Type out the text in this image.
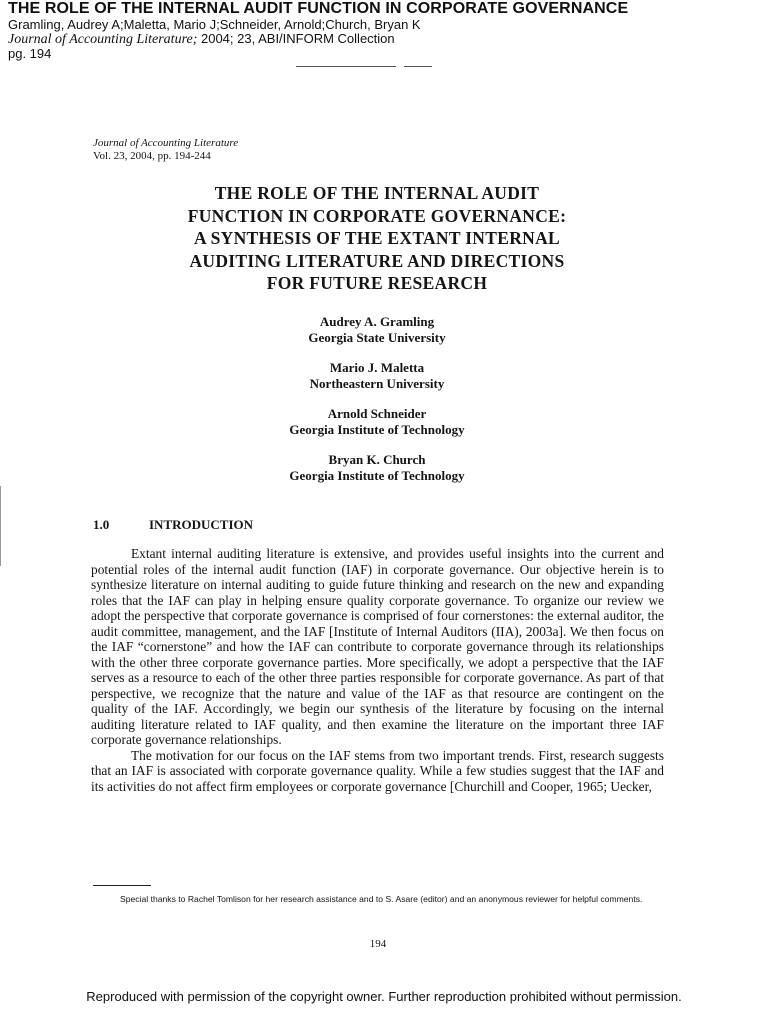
THE ROLE OF THE INTERNAL AUDIT FUNCTION IN CORPORATE GOVERNANCE
Gramling, Audrey A;Maletta, Mario J;Schneider, Arnold;Church, Bryan K
Journal of Accounting Literature; 2004; 23, ABI/INFORM Collection
pg. 194
Journal of Accounting Literature
Vol. 23, 2004, pp. 194-244
THE ROLE OF THE INTERNAL AUDIT
FUNCTION IN CORPORATE GOVERNANCE:
A SYNTHESIS OF THE EXTANT INTERNAL
AUDITING LITERATURE AND DIRECTIONS
FOR FUTURE RESEARCH
Audrey A. Gramling
Georgia State University
Mario J. Maletta
Northeastern University
Arnold Schneider
Georgia Institute of Technology
Bryan K. Church
Georgia Institute of Technology
1.0	INTRODUCTION

Extant internal auditing literature is extensive, and provides useful insights into the current and potential roles of the internal audit function (IAF) in corporate governance. Our objective herein is to synthesize literature on internal auditing to guide future thinking and research on the new and expanding roles that the IAF can play in helping ensure quality corporate governance. To organize our review we adopt the perspective that corporate governance is comprised of four cornerstones: the external auditor, the audit committee, management, and the IAF [Institute of Internal Auditors (IIA), 2003a]. We then focus on the IAF “cornerstone” and how the IAF can contribute to corporate governance through its relationships with the other three corporate governance parties. More specifically, we adopt a perspective that the IAF serves as a resource to each of the other three parties responsible for corporate governance. As part of that perspective, we recognize that the nature and value of the IAF as that resource are contingent on the quality of the IAF. Accordingly, we begin our synthesis of the literature by focusing on the internal auditing literature related to IAF quality, and then examine the literature on the important three IAF corporate governance relationships.

The motivation for our focus on the IAF stems from two important trends. First, research suggests that an IAF is associated with corporate governance quality. While a few studies suggest that the IAF and its activities do not affect firm employees or corporate governance [Churchill and Cooper, 1965; Uecker,

Special thanks to Rachel Tomlison for her research assistance and to S. Asare (editor) and an anonymous reviewer for helpful comments.
194
Reproduced with permission of the copyright owner. Further reproduction prohibited without permission.
